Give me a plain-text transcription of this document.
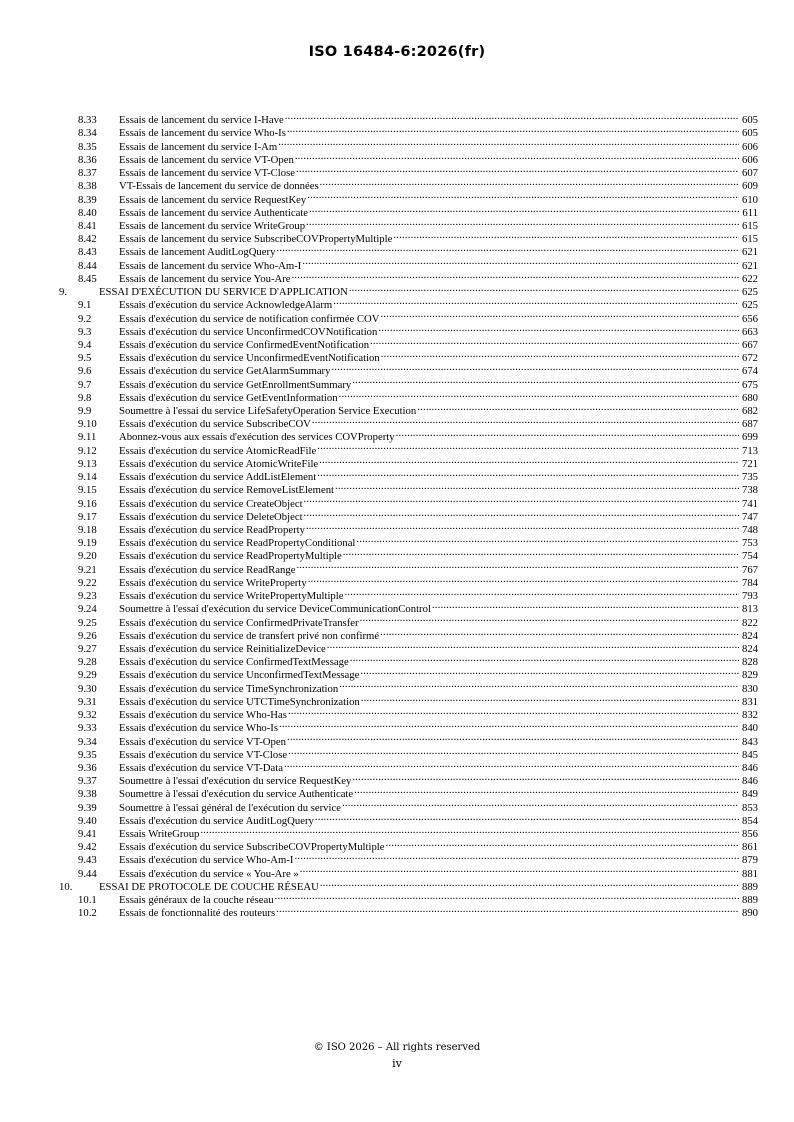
ISO 16484-6:2026(fr)
8.33	Essais de lancement du service I-Have .....	605
8.34	Essais de lancement du service Who-Is .....	605
8.35	Essais de lancement du service I-Am .....	606
8.36	Essais de lancement du service VT-Open .....	606
8.37	Essais de lancement du service VT-Close .....	607
8.38	VT-Essais de lancement du service de données .....	609
8.39	Essais de lancement du service RequestKey .....	610
8.40	Essais de lancement du service Authenticate .....	611
8.41	Essais de lancement du service WriteGroup .....	615
8.42	Essais de lancement du service SubscribeCOVPropertyMultiple .....	615
8.43	Essais de lancement AuditLogQuery .....	621
8.44	Essais de lancement du service Who-Am-I .....	621
8.45	Essais de lancement du service You-Are .....	622
9.	ESSAI D'EXÉCUTION DU SERVICE D'APPLICATION .....	625
9.1	Essais d'exécution du service AcknowledgeAlarm .....	625
9.2	Essais d'exécution du service de notification confirmée COV .....	656
9.3	Essais d'exécution du service UnconfirmedCOVNotification .....	663
9.4	Essais d'exécution du service ConfirmedEventNotification .....	667
9.5	Essais d'exécution du service UnconfirmedEventNotification .....	672
9.6	Essais d'exécution du service GetAlarmSummary .....	674
9.7	Essais d'exécution du service GetEnrollmentSummary .....	675
9.8	Essais d'exécution du service GetEventInformation .....	680
9.9	Soumettre à l'essai du service LifeSafetyOperation Service Execution .....	682
9.10	Essais d'exécution du service SubscribeCOV .....	687
9.11	Abonnez-vous aux essais d'exécution des services COVProperty .....	699
9.12	Essais d'exécution du service AtomicReadFile .....	713
9.13	Essais d'exécution du service AtomicWriteFile .....	721
9.14	Essais d'exécution du service AddListElement .....	735
9.15	Essais d'exécution du service RemoveListElement .....	738
9.16	Essais d'exécution du service CreateObject .....	741
9.17	Essais d'exécution du service DeleteObject .....	747
9.18	Essais d'exécution du service ReadProperty .....	748
9.19	Essais d'exécution du service ReadPropertyConditional .....	753
9.20	Essais d'exécution du service ReadPropertyMultiple .....	754
9.21	Essais d'exécution du service ReadRange .....	767
9.22	Essais d'exécution du service WriteProperty .....	784
9.23	Essais d'exécution du service WritePropertyMultiple .....	793
9.24	Soumettre à l'essai d'exécution du service DeviceCommunicationControl .....	813
9.25	Essais d'exécution du service ConfirmedPrivateTransfer .....	822
9.26	Essais d'exécution du service de transfert privé non confirmé .....	824
9.27	Essais d'exécution du service ReinitializeDevice .....	824
9.28	Essais d'exécution du service ConfirmedTextMessage .....	828
9.29	Essais d'exécution du service UnconfirmedTextMessage .....	829
9.30	Essais d'exécution du service TimeSynchronization .....	830
9.31	Essais d'exécution du service UTCTimeSynchronization .....	831
9.32	Essais d'exécution du service Who-Has .....	832
9.33	Essais d'exécution du service Who-Is .....	840
9.34	Essais d'exécution du service VT-Open .....	843
9.35	Essais d'exécution du service VT-Close .....	845
9.36	Essais d'exécution du service VT-Data .....	846
9.37	Soumettre à l'essai d'exécution du service RequestKey .....	846
9.38	Soumettre à l'essai d'exécution du service Authenticate .....	849
9.39	Soumettre à l'essai général de l'exécution du service .....	853
9.40	Essais d'exécution du service AuditLogQuery .....	854
9.41	Essais WriteGroup .....	856
9.42	Essais d'exécution du service SubscribeCOVPropertyMultiple .....	861
9.43	Essais d'exécution du service Who-Am-I .....	879
9.44	Essais d'exécution du service « You-Are » .....	881
10.	ESSAI DE PROTOCOLE DE COUCHE RÉSEAU .....	889
10.1	Essais généraux de la couche réseau .....	889
10.2	Essais de fonctionnalité des routeurs .....	890
© ISO 2026 – All rights reserved
iv
